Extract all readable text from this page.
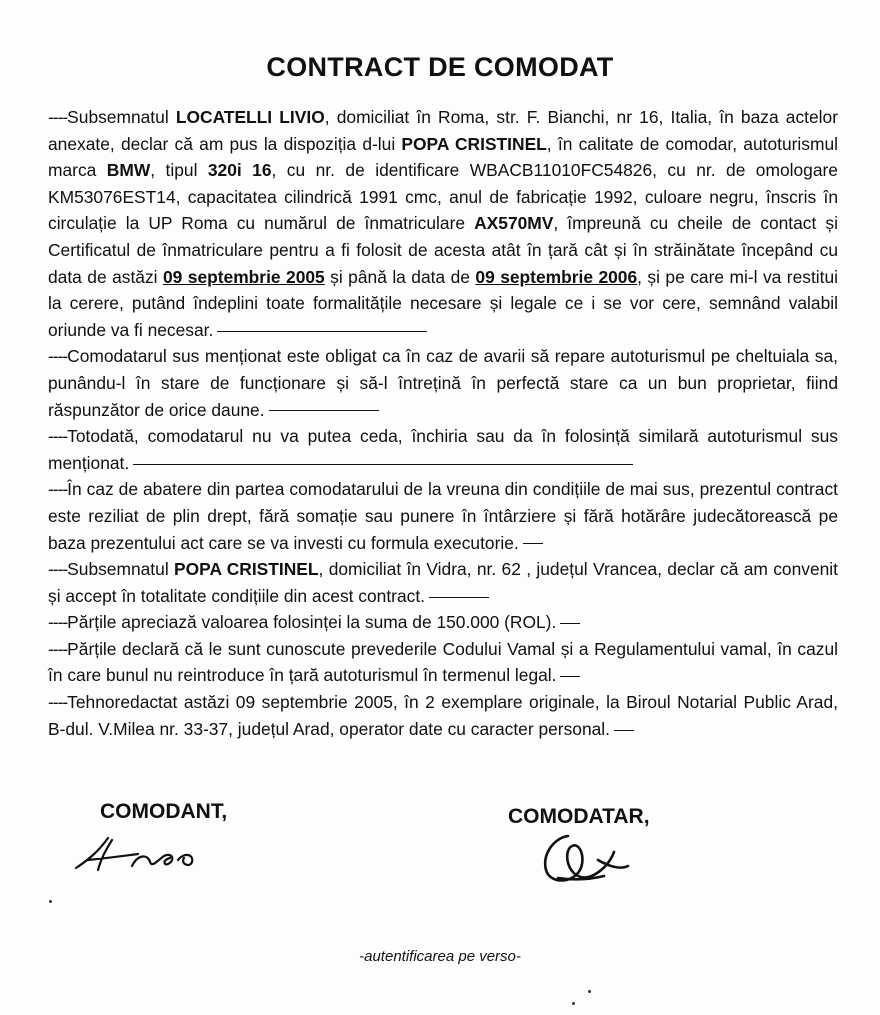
CONTRACT DE COMODAT

----Subsemnatul LOCATELLI LIVIO, domiciliat în Roma, str. F. Bianchi, nr 16, Italia, în baza actelor anexate, declar că am pus la dispoziția d-lui POPA CRISTINEL, în calitate de comodar, autoturismul marca BMW, tipul 320i 16, cu nr. de identificare WBACB11010FC54826, cu nr. de omologare KM53076EST14, capacitatea cilindrică 1991 cmc, anul de fabricație 1992, culoare negru, înscris în circulație la UP Roma cu numărul de înmatriculare AX570MV, împreună cu cheile de contact și Certificatul de înmatriculare pentru a fi folosit de acesta atât în țară cât și în străinătate începând cu data de astăzi 09 septembrie 2005 și până la data de 09 septembrie 2006, și pe care mi-l va restitui la cerere, putând îndeplini toate formalitățile necesare și legale ce i se vor cere, semnând valabil oriunde va fi necesar.

----Comodatarul sus menționat este obligat ca în caz de avarii să repare autoturismul pe cheltuiala sa, punându-l în stare de funcționare și să-l întrețină în perfectă stare ca un bun proprietar, fiind răspunzător de orice daune.

----Totodată, comodatarul nu va putea ceda, închiria sau da în folosință similară autoturismul sus menționat.

----În caz de abatere din partea comodatarului de la vreuna din condițiile de mai sus, prezentul contract este reziliat de plin drept, fără somație sau punere în întârziere și fără hotărâre judecătorească pe baza prezentului act care se va investi cu formula executorie.

----Subsemnatul POPA CRISTINEL, domiciliat în Vidra, nr. 62 , județul Vrancea, declar că am convenit și accept în totalitate condițiile din acest contract.

----Părțile apreciază valoarea folosinței la suma de 150.000 (ROL).

----Părțile declară că le sunt cunoscute prevederile Codului Vamal și a Regulamentului vamal, în cazul în care bunul nu reintroduce în țară autoturismul în termenul legal.

----Tehnoredactat astăzi 09 septembrie 2005, în 2 exemplare originale, la Biroul Notarial Public Arad, B-dul. V.Milea nr. 33-37, județul Arad, operator date cu caracter personal.

COMODANT,	COMODATAR,
-autentificarea pe verso-
